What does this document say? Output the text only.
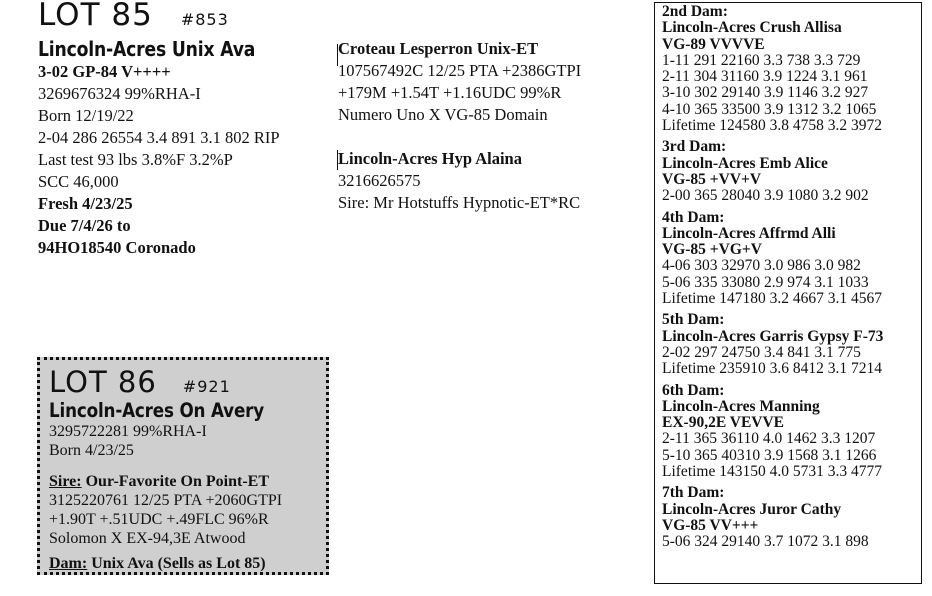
LOT 85 #853
Lincoln-Acres Unix Ava
3-02 GP-84 V++++
3269676324 99%RHA-I
Born 12/19/22
2-04 286 26554 3.4 891 3.1 802 RIP
Last test 93 lbs 3.8%F 3.2%P
SCC 46,000
Fresh 4/23/25
Due 7/4/26 to
94HO18540 Coronado
Croteau Lesperron Unix-ET
107567492C 12/25 PTA +2386GTPI
+179M +1.54T +1.16UDC 99%R
Numero Uno X VG-85 Domain
Lincoln-Acres Hyp Alaina
3216626575
Sire: Mr Hotstuffs Hypnotic-ET*RC
2nd Dam:
Lincoln-Acres Crush Allisa
VG-89 VVVVE
1-11 291 22160 3.3 738 3.3 729
2-11 304 31160 3.9 1224 3.1 961
3-10 302 29140 3.9 1146 3.2 927
4-10 365 33500 3.9 1312 3.2 1065
Lifetime 124580 3.8 4758 3.2 3972
3rd Dam:
Lincoln-Acres Emb Alice
VG-85 +VV+V
2-00 365 28040 3.9 1080 3.2 902
4th Dam:
Lincoln-Acres Affrmd Alli
VG-85 +VG+V
4-06 303 32970 3.0 986 3.0 982
5-06 335 33080 2.9 974 3.1 1033
Lifetime 147180 3.2 4667 3.1 4567
5th Dam:
Lincoln-Acres Garris Gypsy F-73
2-02 297 24750 3.4 841 3.1 775
Lifetime 235910 3.6 8412 3.1 7214
6th Dam:
Lincoln-Acres Manning
EX-90,2E VEVVE
2-11 365 36110 4.0 1462 3.3 1207
5-10 365 40310 3.9 1568 3.1 1266
Lifetime 143150 4.0 5731 3.3 4777
7th Dam:
Lincoln-Acres Juror Cathy
VG-85 VV+++
5-06 324 29140 3.7 1072 3.1 898
LOT 86 #921
Lincoln-Acres On Avery
3295722281 99%RHA-I
Born 4/23/25
Sire: Our-Favorite On Point-ET
3125220761 12/25 PTA +2060GTPI
+1.90T +.51UDC +.49FLC 96%R
Solomon X EX-94,3E Atwood
Dam: Unix Ava (Sells as Lot 85)
